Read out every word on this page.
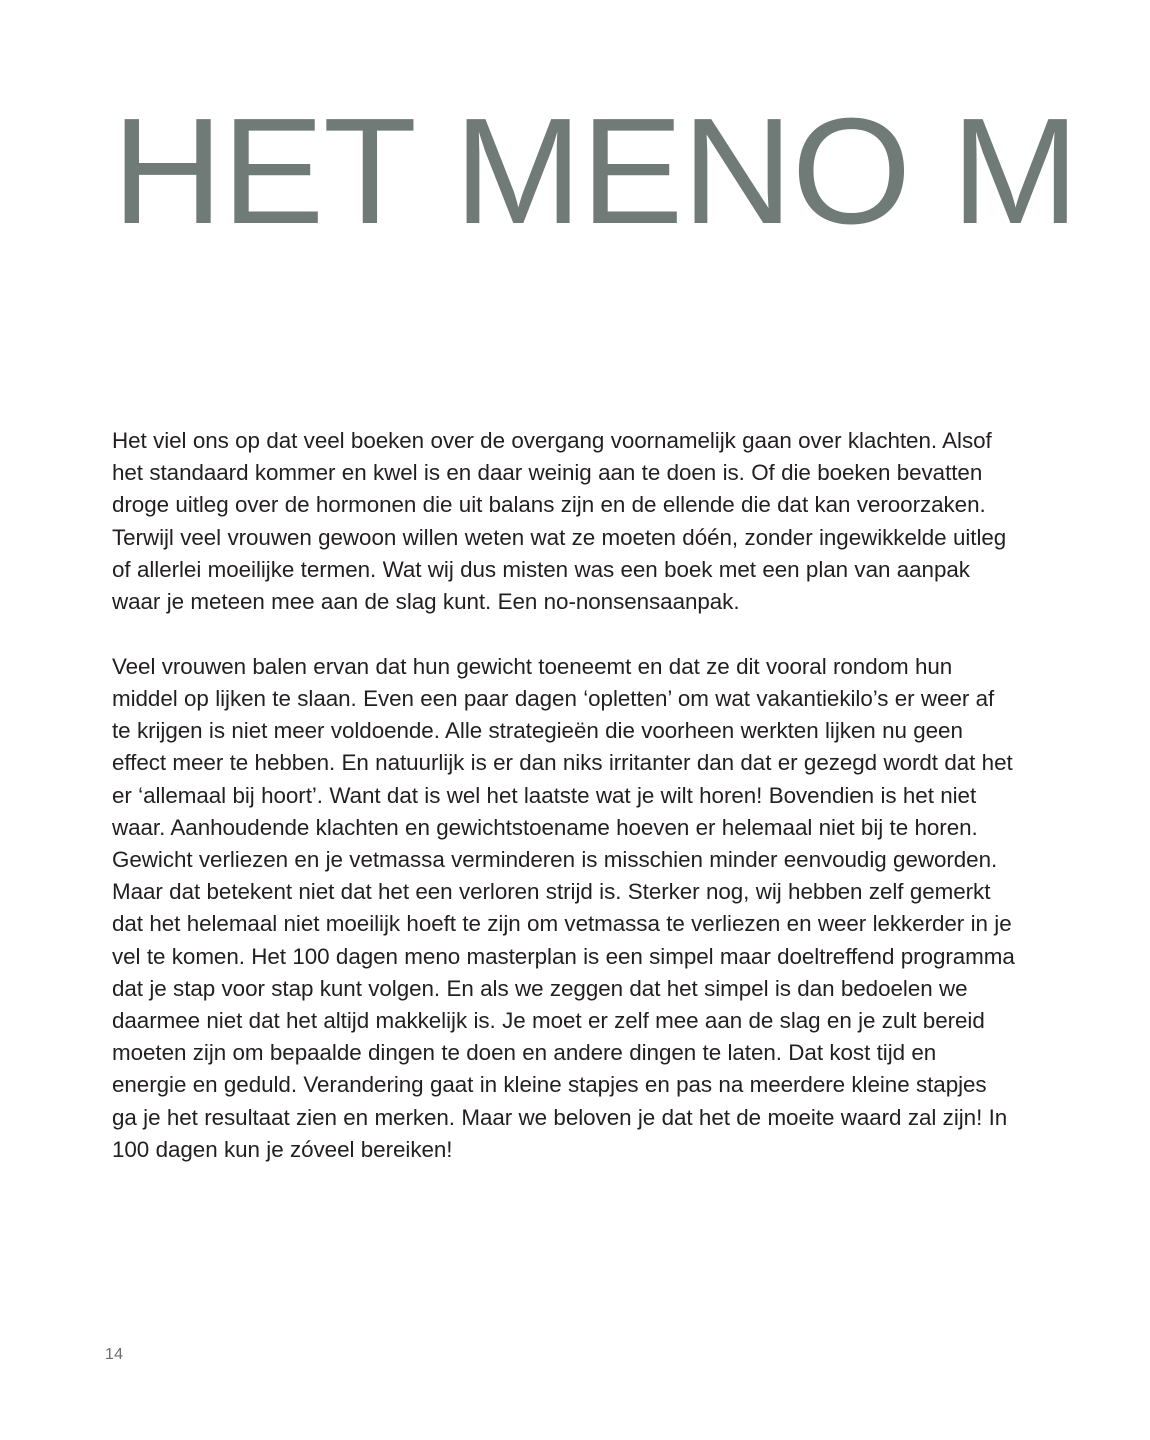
HET MENO M

Het viel ons op dat veel boeken over de overgang voornamelijk gaan over klachten. Alsof het standaard kommer en kwel is en daar weinig aan te doen is. Of die boeken bevatten droge uitleg over de hormonen die uit balans zijn en de ellende die dat kan veroorzaken. Terwijl veel vrouwen gewoon willen weten wat ze moeten dóén, zonder ingewikkelde uitleg of allerlei moeilijke termen. Wat wij dus misten was een boek met een plan van aanpak waar je meteen mee aan de slag kunt. Een no-nonsensaanpak.

Veel vrouwen balen ervan dat hun gewicht toeneemt en dat ze dit vooral rondom hun middel op lijken te slaan. Even een paar dagen ‘opletten’ om wat vakantiekilo’s er weer af te krijgen is niet meer voldoende. Alle strategieën die voorheen werkten lijken nu geen effect meer te hebben. En natuurlijk is er dan niks irritanter dan dat er gezegd wordt dat het er ‘allemaal bij hoort’. Want dat is wel het laatste wat je wilt horen! Bovendien is het niet waar. Aanhoudende klachten en gewichtstoename hoeven er helemaal niet bij te horen. Gewicht verliezen en je vetmassa verminderen is misschien minder eenvoudig geworden. Maar dat betekent niet dat het een verloren strijd is. Sterker nog, wij hebben zelf gemerkt dat het helemaal niet moeilijk hoeft te zijn om vetmassa te verliezen en weer lekkerder in je vel te komen. Het 100 dagen meno masterplan is een simpel maar doeltreffend programma dat je stap voor stap kunt volgen. En als we zeggen dat het simpel is dan bedoelen we daarmee niet dat het altijd makkelijk is. Je moet er zelf mee aan de slag en je zult bereid moeten zijn om bepaalde dingen te doen en andere dingen te laten. Dat kost tijd en energie en geduld. Verandering gaat in kleine stapjes en pas na meerdere kleine stapjes ga je het resultaat zien en merken. Maar we beloven je dat het de moeite waard zal zijn! In 100 dagen kun je zóveel bereiken!

14
